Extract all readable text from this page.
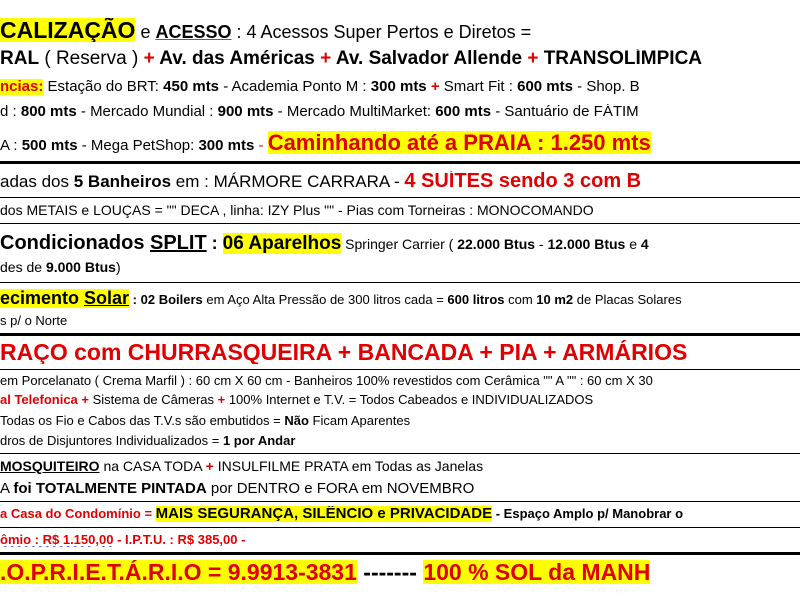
CALIZAÇÃO e ACESSO : 4 Acessos Super Pertos e Diretos =
RAL ( Reserva ) + Av. das Américas + Av. Salvador Allende + TRANSOLÍMPICA
ncias: Estação do BRT: 450 mts - Academia Ponto M : 300 mts + Smart Fit : 600 mts - Shop. B
d : 800 mts - Mercado Mundial : 900 mts - Mercado MultiMarket: 600 mts - Santuário de FÁTIM
A : 500 mts - Mega PetShop: 300 mts - Caminhando até a PRAIA : 1.250 mts
adas dos 5 Banheiros em : MÁRMORE CARRARA - 4 SUÍTES sendo 3 com B
dos METAIS e LOUÇAS = "" DECA , linha: IZY Plus "" - Pias com Torneiras : MONOCOMANDO
Condicionados SPLIT : 06 Aparelhos Springer Carrier ( 22.000 Btus - 12.000 Btus e 4
des de 9.000 Btus)
ecimento Solar : 02 Boilers em Aço Alta Pressão de 300 litros cada = 600 litros com 10 m2 de Placas Solares
s p/ o Norte
RAÇO com CHURRASQUEIRA + BANCADA + PIA + ARMÁRIOS
em Porcelanato ( Crema Marfil ) : 60 cm X 60 cm - Banheiros 100% revestidos com Cerâmica "" A "" : 60 cm X 30
al Telefonica + Sistema de Câmeras + 100% Internet e T.V. = Todos Cabeados e INDIVIDUALIZADOS
Todas os Fio e Cabos das T.V.s são embutidos = Não Ficam Aparentes
dros de Disjuntores Individualizados = 1 por Andar
MOSQUITEIRO na CASA TODA + INSULFILME PRATA em Todas as Janelas
A foi TOTALMENTE PINTADA por DENTRO e FORA em NOVEMBRO
a Casa do Condomínio = MAIS SEGURANÇA, SILÊNCIO e PRIVACIDADE - Espaço Amplo p/ Manobrar o
ômio : R$ 1.150,00 - I.P.T.U. : R$ 385,00 -
.O.P.R.I.E.T.Á.R.I.O = 9.9913-3831 ------- 100 % SOL da MANH
